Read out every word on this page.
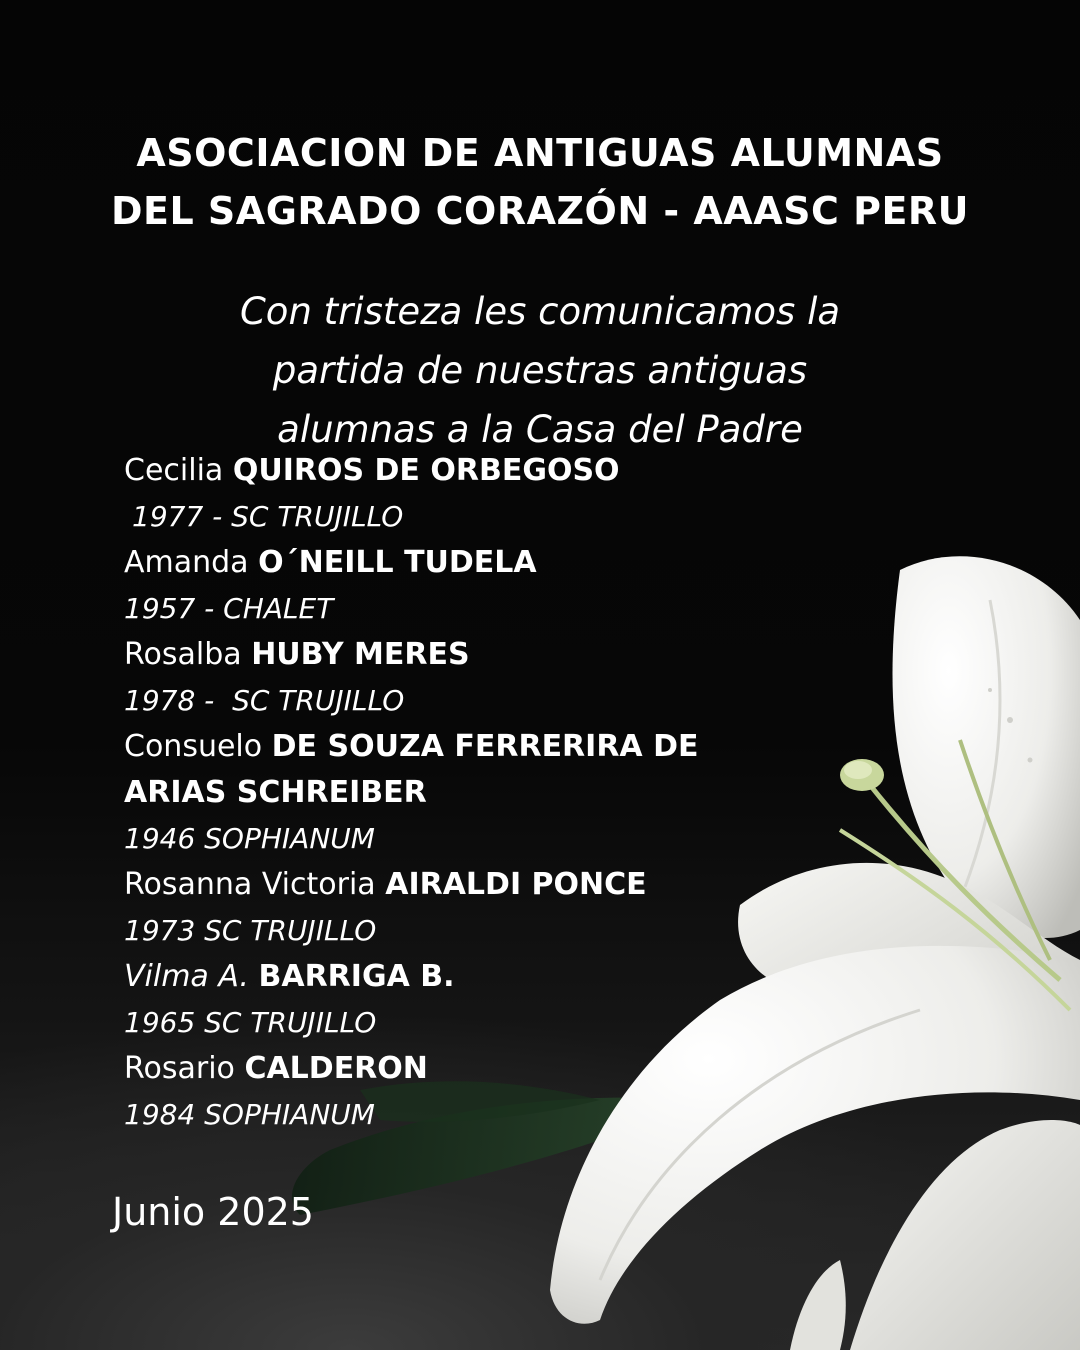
ASOCIACION DE ANTIGUAS ALUMNAS
DEL SAGRADO CORAZÓN - AAASC PERU

Con tristeza les comunicamos la
partida de nuestras antiguas
alumnas a la Casa del Padre

Cecilia QUIROS DE ORBEGOSO
1977 - SC TRUJILLO
Amanda O´NEILL TUDELA
1957 - CHALET
Rosalba HUBY MERES
1978 -  SC TRUJILLO
Consuelo DE SOUZA FERRERIRA DE ARIAS SCHREIBER
1946 SOPHIANUM
Rosanna Victoria AIRALDI PONCE
1973 SC TRUJILLO
Vilma A. BARRIGA B.
1965 SC TRUJILLO
Rosario CALDERON
1984 SOPHIANUM

Junio 2025
